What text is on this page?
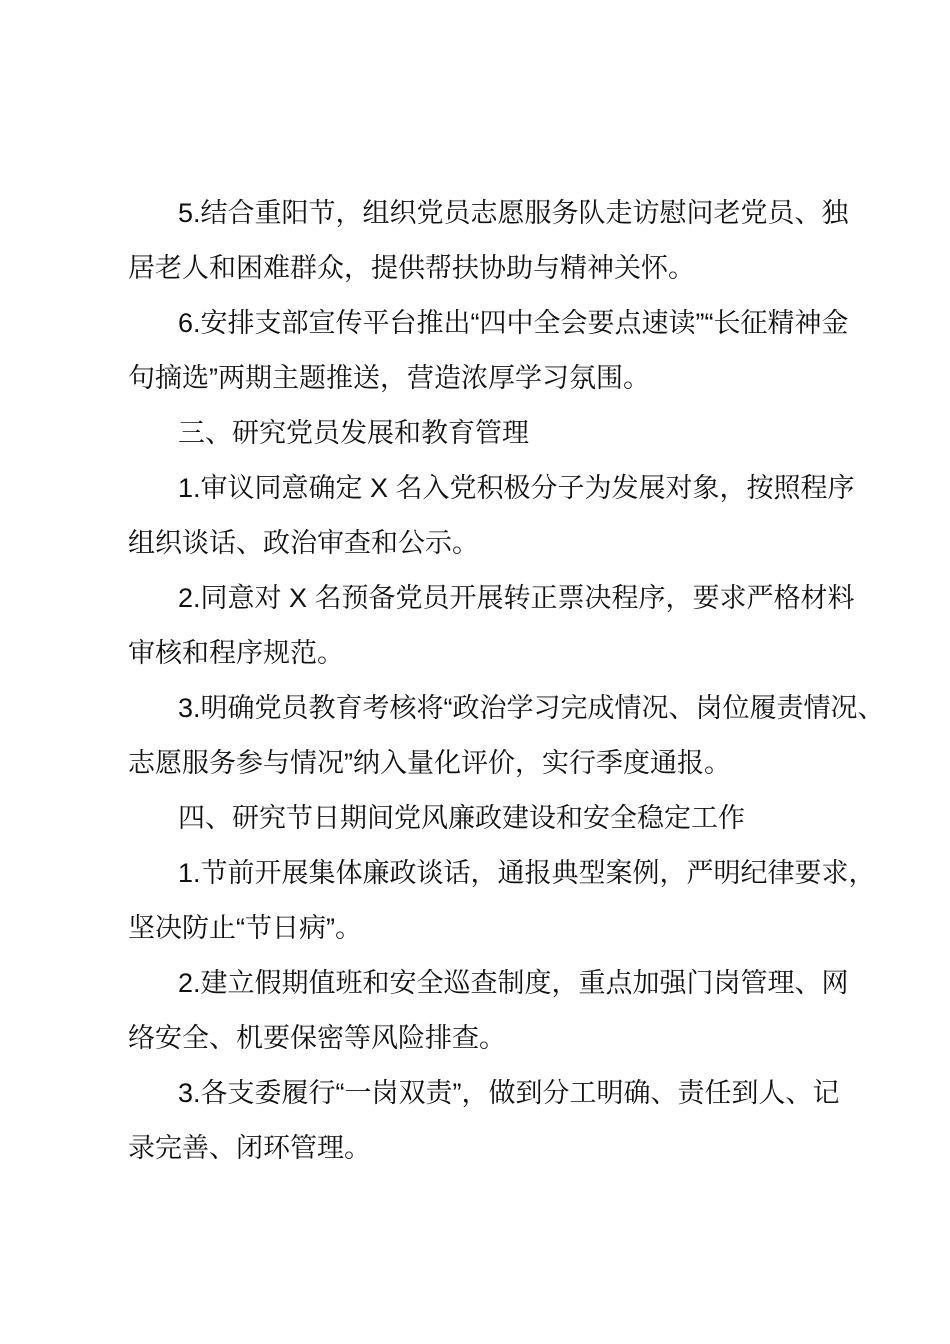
5.结合重阳节，组织党员志愿服务队走访慰问老党员、独
居老人和困难群众，提供帮扶协助与精神关怀。
6.安排支部宣传平台推出“四中全会要点速读”“长征精神金
句摘选”两期主题推送，营造浓厚学习氛围。
三、研究党员发展和教育管理
1.审议同意确定 X 名入党积极分子为发展对象，按照程序
组织谈话、政治审查和公示。
2.同意对 X 名预备党员开展转正票决程序，要求严格材料
审核和程序规范。
3.明确党员教育考核将“政治学习完成情况、岗位履责情况、
志愿服务参与情况”纳入量化评价，实行季度通报。
四、研究节日期间党风廉政建设和安全稳定工作
1.节前开展集体廉政谈话，通报典型案例，严明纪律要求，
坚决防止“节日病”。
2.建立假期值班和安全巡查制度，重点加强门岗管理、网
络安全、机要保密等风险排查。
3.各支委履行“一岗双责”，做到分工明确、责任到人、记
录完善、闭环管理。
